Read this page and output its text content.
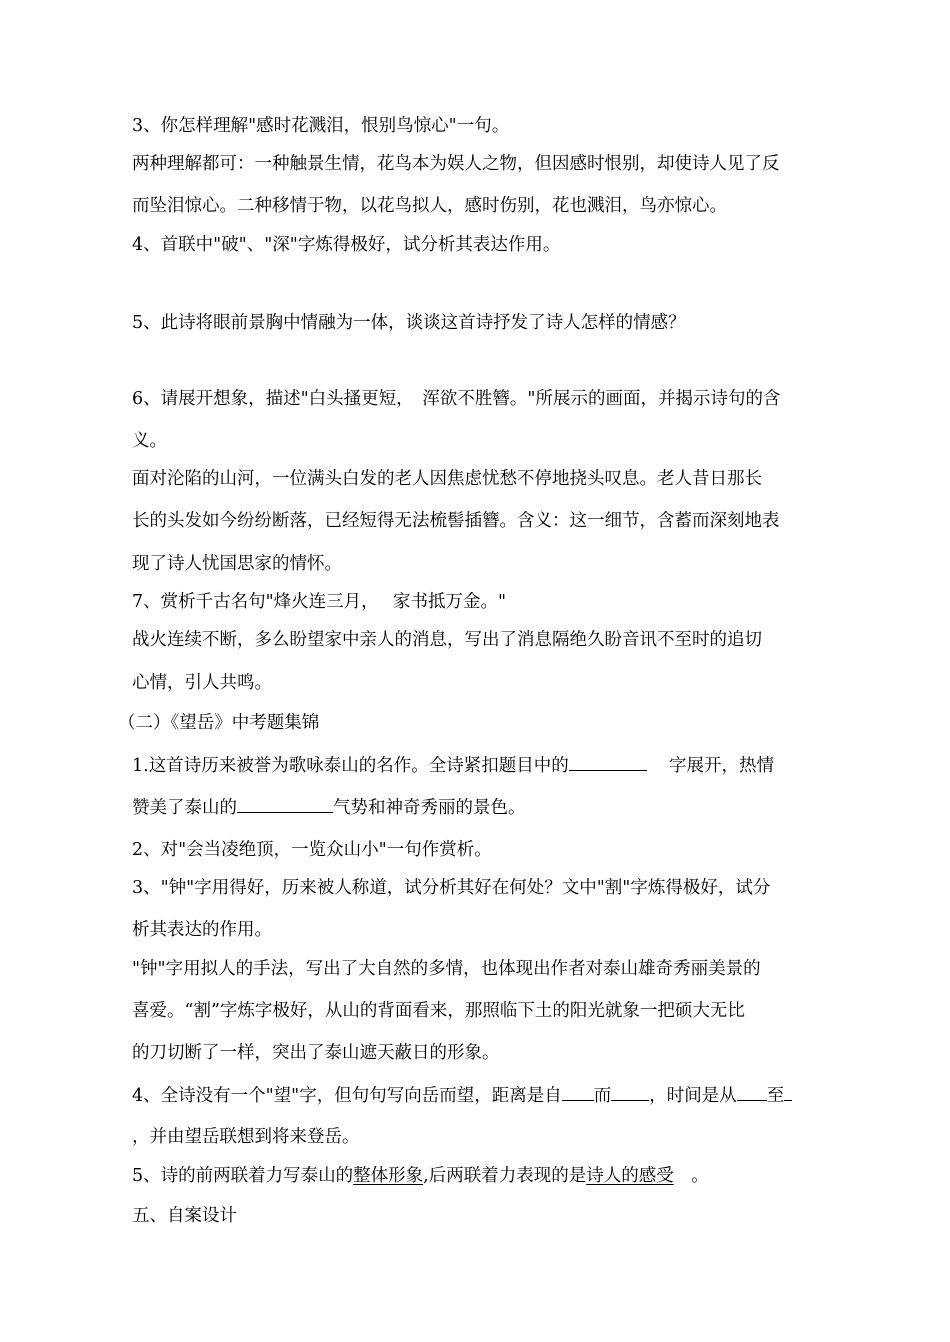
3、你怎样理解"感时花溅泪，恨别鸟惊心"一句。
两种理解都可：一种触景生情，花鸟本为娱人之物，但因感时恨别，却使诗人见了反
而坠泪惊心。二种移情于物，以花鸟拟人，感时伤别，花也溅泪，鸟亦惊心。
4、首联中"破"、"深"字炼得极好，试分析其表达作用。
5、此诗将眼前景胸中情融为一体，谈谈这首诗抒发了诗人怎样的情感？
6、请展开想象，描述"白头搔更短，　浑欲不胜簪。"所展示的画面，并揭示诗句的含
义。
面对沦陷的山河，一位满头白发的老人因焦虑忧愁不停地挠头叹息。老人昔日那长
长的头发如今纷纷断落，已经短得无法梳髻插簪。含义：这一细节，含蓄而深刻地表
现了诗人忧国思家的情怀。
7、赏析千古名句"烽火连三月，　 家书抵万金。"
战火连续不断，多么盼望家中亲人的消息，写出了消息隔绝久盼音讯不至时的追切
心情，引人共鸣。
（二）《望岳》中考题集锦
1.这首诗历来被誉为歌咏泰山的名作。全诗紧扣题目中的	字展开，热情
赞美了泰山的	气势和神奇秀丽的景色。
2、对"会当凌绝顶，一览众山小"一句作赏析。
3、"钟"字用得好，历来被人称道，试分析其好在何处？文中"割"字炼得极好，试分
析其表达的作用。
"钟"字用拟人的手法，写出了大自然的多情，也体现出作者对泰山雄奇秀丽美景的
喜爱。“割”字炼字极好，从山的背面看来，那照临下土的阳光就象一把硕大无比
的刀切断了一样，突出了泰山遮天蔽日的形象。
4、全诗没有一个"望"字，但句句写向岳而望，距离是自 而 ，时间是从 至
，并由望岳联想到将来登岳。
5、诗的前两联着力写泰山的整体形象,后两联着力表现的是诗人的感受　。
五、自案设计
